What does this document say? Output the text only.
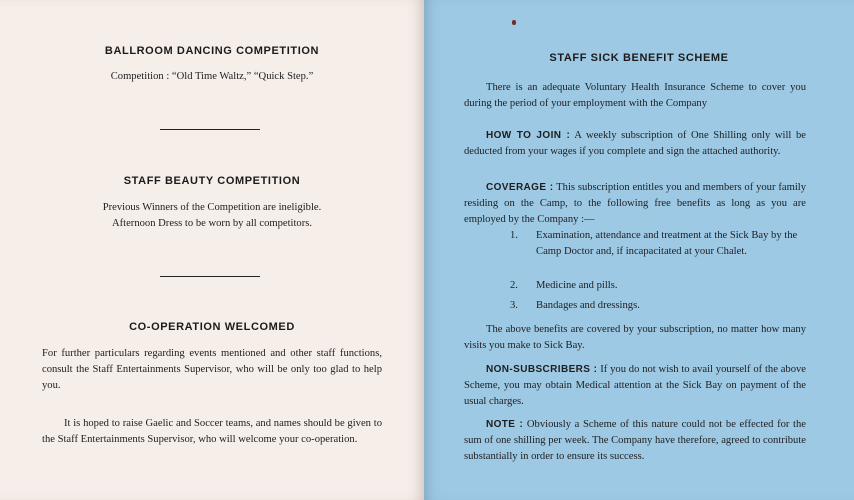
BALLROOM DANCING COMPETITION
Competition : “Old Time Waltz,” “Quick Step.”
STAFF BEAUTY COMPETITION
Previous Winners of the Competition are ineligible.
Afternoon Dress to be worn by all competitors.
CO-OPERATION WELCOMED
For further particulars regarding events mentioned and other staff functions, consult the Staff Entertainments Supervisor, who will be only too glad to help you.
It is hoped to raise Gaelic and Soccer teams, and names should be given to the Staff Entertainments Supervisor, who will welcome your co-operation.
STAFF SICK BENEFIT SCHEME
There is an adequate Voluntary Health Insurance Scheme to cover you during the period of your employment with the Company
HOW TO JOIN : A weekly subscription of One Shilling only will be deducted from your wages if you complete and sign the attached authority.
COVERAGE : This subscription entitles you and members of your family residing on the Camp, to the following free benefits as long as you are employed by the Company :—
1. Examination, attendance and treatment at the Sick Bay by the Camp Doctor and, if incapacitated at your Chalet.
2. Medicine and pills.
3. Bandages and dressings.
The above benefits are covered by your subscription, no matter how many visits you make to Sick Bay.
NON-SUBSCRIBERS : If you do not wish to avail yourself of the above Scheme, you may obtain Medical attention at the Sick Bay on payment of the usual charges.
NOTE : Obviously a Scheme of this nature could not be effected for the sum of one shilling per week. The Company have therefore, agreed to contribute substantially in order to ensure its success.
